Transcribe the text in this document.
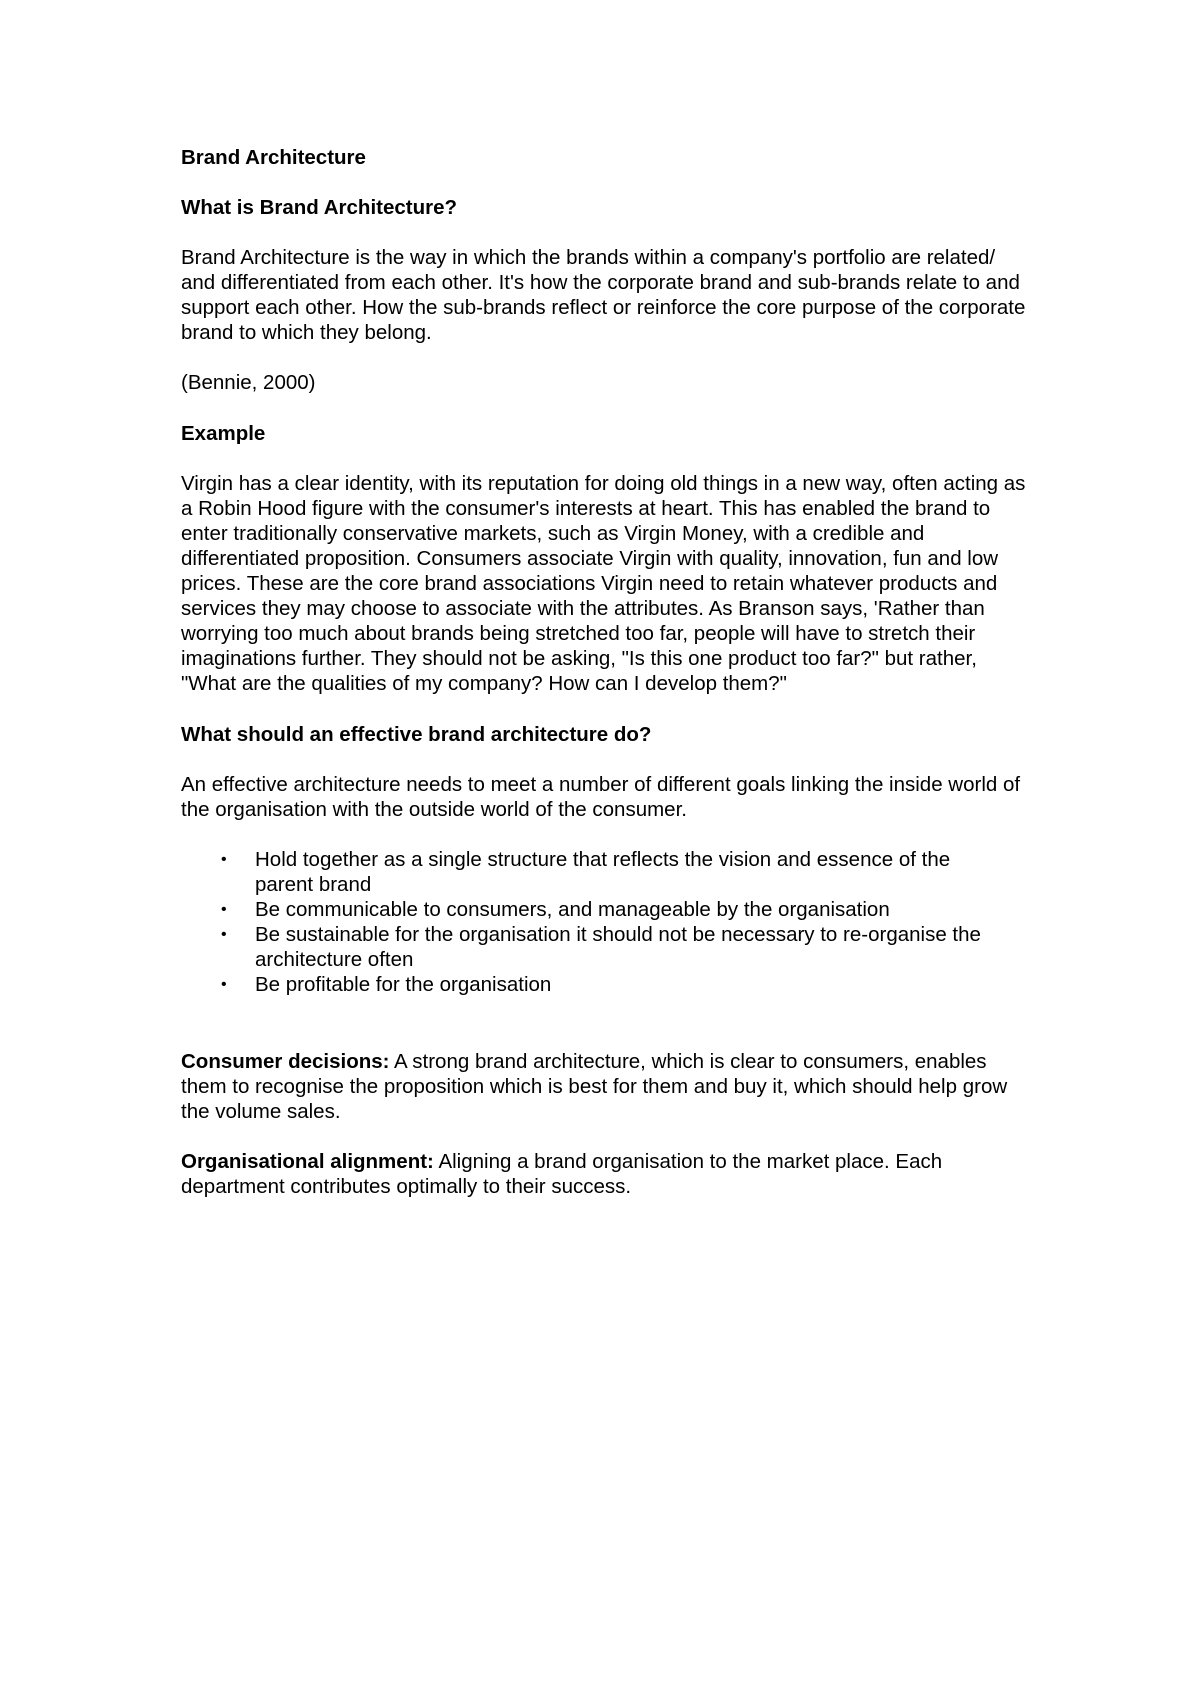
Brand Architecture

What is Brand Architecture?

Brand Architecture is the way in which the brands within a company's portfolio are related/ and differentiated from each other. It's how the corporate brand and sub-brands relate to and support each other. How the sub-brands reflect or reinforce the core purpose of the corporate brand to which they belong.

(Bennie, 2000)

Example

Virgin has a clear identity, with its reputation for doing old things in a new way, often acting as a Robin Hood figure with the consumer's interests at heart. This has enabled the brand to enter traditionally conservative markets, such as Virgin Money, with a credible and differentiated proposition. Consumers associate Virgin with quality, innovation, fun and low prices. These are the core brand associations Virgin need to retain whatever products and services they may choose to associate with the attributes. As Branson says, 'Rather than worrying too much about brands being stretched too far, people will have to stretch their imaginations further. They should not be asking, "Is this one product too far?" but rather, "What are the qualities of my company? How can I develop them?"

What should an effective brand architecture do?

An effective architecture needs to meet a number of different goals linking the inside world of the organisation with the outside world of the consumer.

• Hold together as a single structure that reflects the vision and essence of the parent brand
• Be communicable to consumers, and manageable by the organisation
• Be sustainable for the organisation it should not be necessary to re-organise the architecture often
• Be profitable for the organisation

Consumer decisions: A strong brand architecture, which is clear to consumers, enables them to recognise the proposition which is best for them and buy it, which should help grow the volume sales.

Organisational alignment: Aligning a brand organisation to the market place. Each department contributes optimally to their success.
